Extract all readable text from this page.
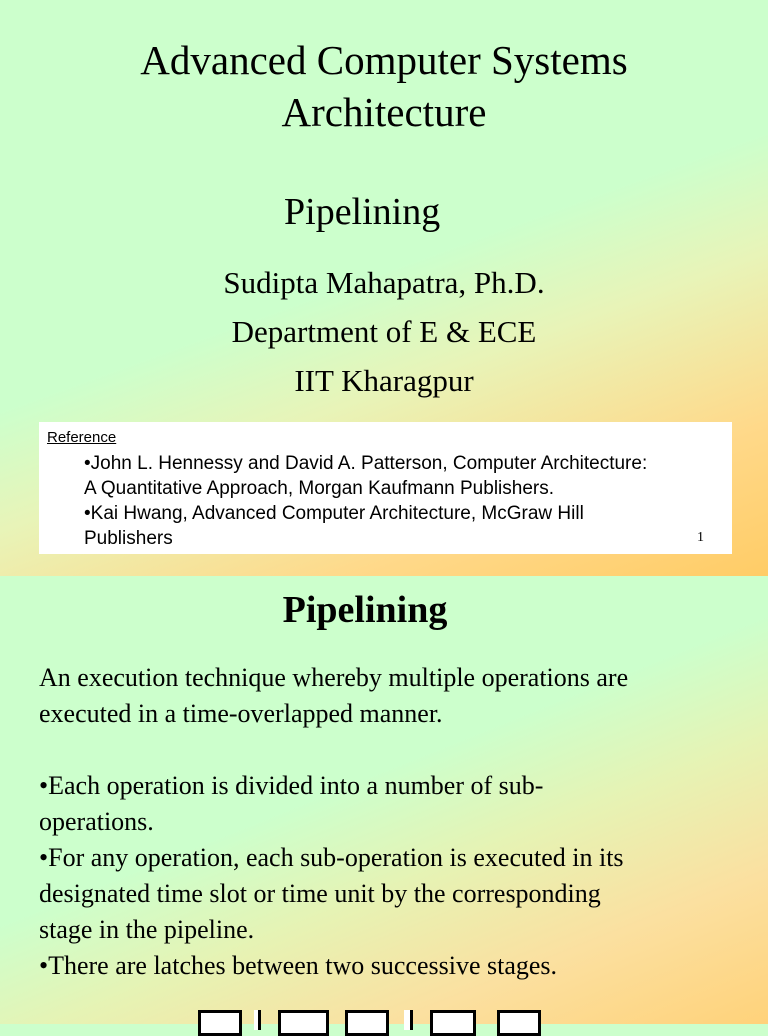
Advanced Computer Systems
Architecture
Pipelining
Sudipta Mahapatra, Ph.D.
Department of E & ECE
IIT Kharagpur
Reference
•John L. Hennessy and David A. Patterson, Computer Architecture:
A Quantitative Approach, Morgan Kaufmann Publishers.
•Kai Hwang, Advanced Computer Architecture, McGraw Hill
Publishers	1
Pipelining
An execution technique whereby multiple operations are
executed in a time-overlapped manner.
•Each operation is divided into a number of sub-
operations.
•For any operation, each sub-operation is executed in its
designated time slot or time unit by the corresponding
stage in the pipeline.
•There are latches between two successive stages.
